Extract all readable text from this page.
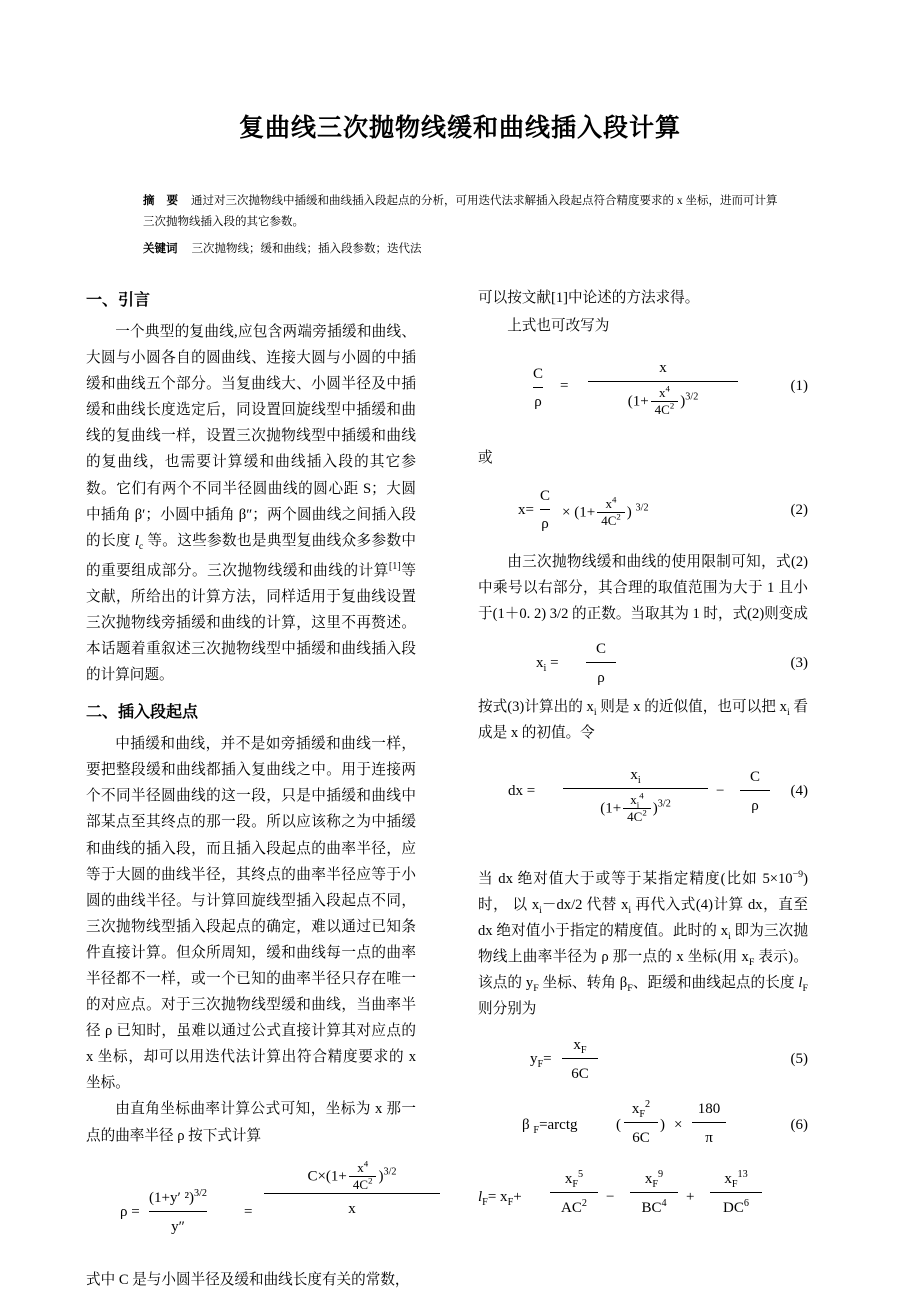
复曲线三次抛物线缓和曲线插入段计算
摘 要 通过对三次抛物线中插缓和曲线插入段起点的分析，可用迭代法求解插入段起点符合精度要求的 x 坐标，进而可计算三次抛物线插入段的其它参数。
关键词 三次抛物线；缓和曲线；插入段参数；迭代法
一、引言

一个典型的复曲线,应包含两端旁插缓和曲线、大圆与小圆各自的圆曲线、连接大圆与小圆的中插缓和曲线五个部分。当复曲线大、小圆半径及中插缓和曲线长度选定后，同设置回旋线型中插缓和曲线的复曲线一样，设置三次抛物线型中插缓和曲线的复曲线，也需要计算缓和曲线插入段的其它参数。它们有两个不同半径圆曲线的圆心距 S；大圆中插角 β′；小圆中插角 β″；两个圆曲线之间插入段的长度 $l_c$ 等。这些参数也是典型复曲线众多参数中的重要组成部分。三次抛物线缓和曲线的计算[1]等文献，所给出的计算方法，同样适用于复曲线设置三次抛物线旁插缓和曲线的计算，这里不再赘述。本话题着重叙述三次抛物线型中插缓和曲线插入段的计算问题。

二、插入段起点

中插缓和曲线，并不是如旁插缓和曲线一样，要把整段缓和曲线都插入复曲线之中。用于连接两个不同半径圆曲线的这一段，只是中插缓和曲线中部某点至其终点的那一段。所以应该称之为中插缓和曲线的插入段，而且插入段起点的曲率半径，应等于大圆的曲线半径，其终点的曲率半径应等于小圆的曲线半径。与计算回旋线型插入段起点不同，三次抛物线型插入段起点的确定，难以通过已知条件直接计算。但众所周知，缓和曲线每一点的曲率半径都不一样，或一个已知的曲率半径只存在唯一的对应点。对于三次抛物线型缓和曲线，当曲率半径 ρ 已知时，虽难以通过公式直接计算其对应点的 x 坐标，却可以用迭代法计算出符合精度要求的 x 坐标。

由直角坐标曲率计算公式可知，坐标为 x 那一点的曲率半径 ρ 按下式计算

ρ =
(1+y′ ²)$^{3/2}$
y″
=
$C\times(1+ \frac{x^4}{4C^2} )^{3/2}$
x

式中 C 是与小圆半径及缓和曲线长度有关的常数，

可以按文献[1]中论述的方法求得。

上式也可改写为

$\frac{C}{\rho} = \frac{x}{(1+ \frac{x^4}{4C^2} )^{3/2}}$	(1)

或

x=
C
ρ
× ($1+ \frac{x^4}{4C^2}$ ) $^{3/2}$	(2)

由三次抛物线缓和曲线的使用限制可知，式(2)中乘号以右部分，其合理的取值范围为大于 1 且小于(1＋0. 2) 3/2 的正数。当取其为 1 时，式(2)则变成

$x_i = \frac{C}{\rho}$	(3)

按式(3)计算出的 $x_i$ 则是 x 的近似值，也可以把 $x_i$ 看成是 x 的初值。令

dx = $\frac{x_i}{(1+ \frac{x_i^4}{4C^2} )^{3/2}}$ −
C
ρ
(4)

当 dx 绝对值大于或等于某指定精度(比如 $5\times 10^{-9}$)时， 以 $x_i-dx/2$ 代替 $x_i$ 再代入式(4)计算 dx，直至 dx 绝对值小于指定的精度值。此时的 $x_i$ 即为三次抛物线上曲率半径为 ρ 那一点的 x 坐标(用 $x_F$ 表示)。该点的 $y_F$ 坐标、转角 $\beta_F$、距缓和曲线起点的长度 $l_F$ 则分别为

$y_F= \frac{x_F}{6C}$	(5)
β $_F$=arctg	( $\frac{x_F^2}{6C}$ ) ×
180
π
(6)
$l_F= x_F+ \frac{x_F^5}{AC^2} - \frac{x_F^9}{BC^4} + \frac{x_F^{13}}{DC^6}$
